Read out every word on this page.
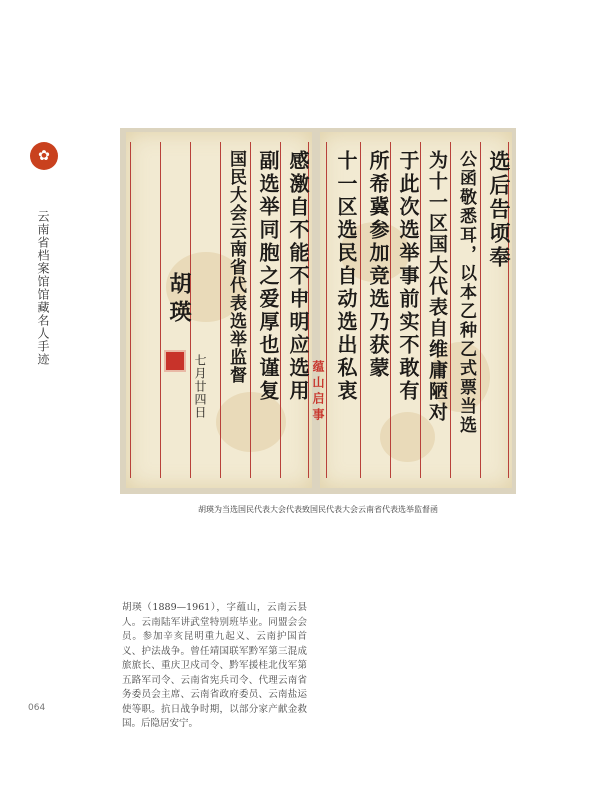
✿
云南省档案馆馆藏名人手迹	选后告顷奉
公函敬悉耳，以本乙种乙式票当选
为十一区国大代表自维庸陋对
于此次选举事前实不敢有
所希冀参加竞选乃获蒙
十一区选民自动选出私衷
感激自不能不申明应选用
副选举同胞之爱厚也谨复
国民大会云南省代表选举监督
胡瑛
七月廿四日	蕴山启事
胡瑛为当选国民代表大会代表致国民代表大会云南省代表选举监督函

胡瑛（1889—1961），字蕴山，云南云县人。云南陆军讲武堂特别班毕业。同盟会会员。参加辛亥昆明重九起义、云南护国首义、护法战争。曾任靖国联军黔军第三混成旅旅长、重庆卫戍司令、黔军援桂北伐军第五路军司令、云南省宪兵司令、代理云南省务委员会主席、云南省政府委员、云南盐运使等职。抗日战争时期，以部分家产献金救国。后隐居安宁。

064
